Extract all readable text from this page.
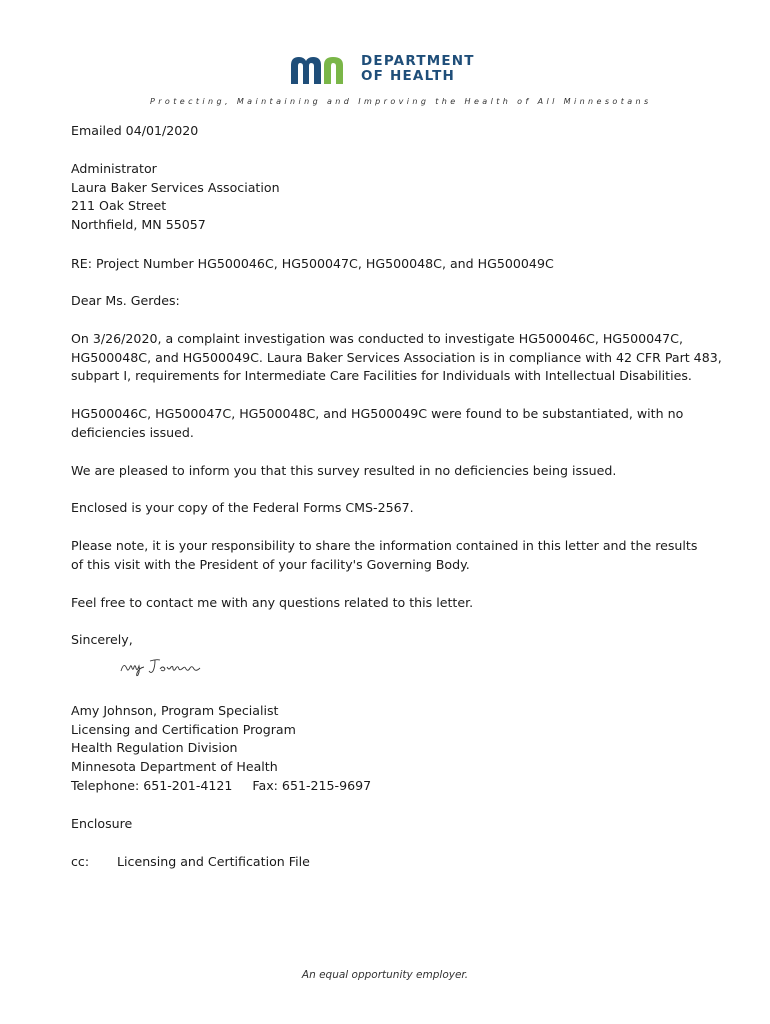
DEPARTMENT
OF HEALTH
Protecting, Maintaining and Improving the Health of All Minnesotans
Emailed 04/01/2020
Administrator
Laura Baker Services Association
211 Oak Street
Northfield, MN 55057
RE: Project Number HG500046C, HG500047C, HG500048C, and HG500049C
Dear Ms. Gerdes:
On 3/26/2020, a complaint investigation was conducted to investigate HG500046C, HG500047C,
HG500048C, and HG500049C. Laura Baker Services Association is in compliance with 42 CFR Part 483,
subpart I, requirements for Intermediate Care Facilities for Individuals with Intellectual Disabilities.
HG500046C, HG500047C, HG500048C, and HG500049C were found to be substantiated, with no
deficiencies issued.
We are pleased to inform you that this survey resulted in no deficiencies being issued.
Enclosed is your copy of the Federal Forms CMS-2567.
Please note, it is your responsibility to share the information contained in this letter and the results
of this visit with the President of your facility's Governing Body.
Feel free to contact me with any questions related to this letter.
Sincerely,
Amy Johnson, Program Specialist
Licensing and Certification Program
Health Regulation Division
Minnesota Department of Health
Telephone: 651-201-4121 Fax: 651-215-9697
Enclosure
cc:	Licensing and Certification File
An equal opportunity employer.
